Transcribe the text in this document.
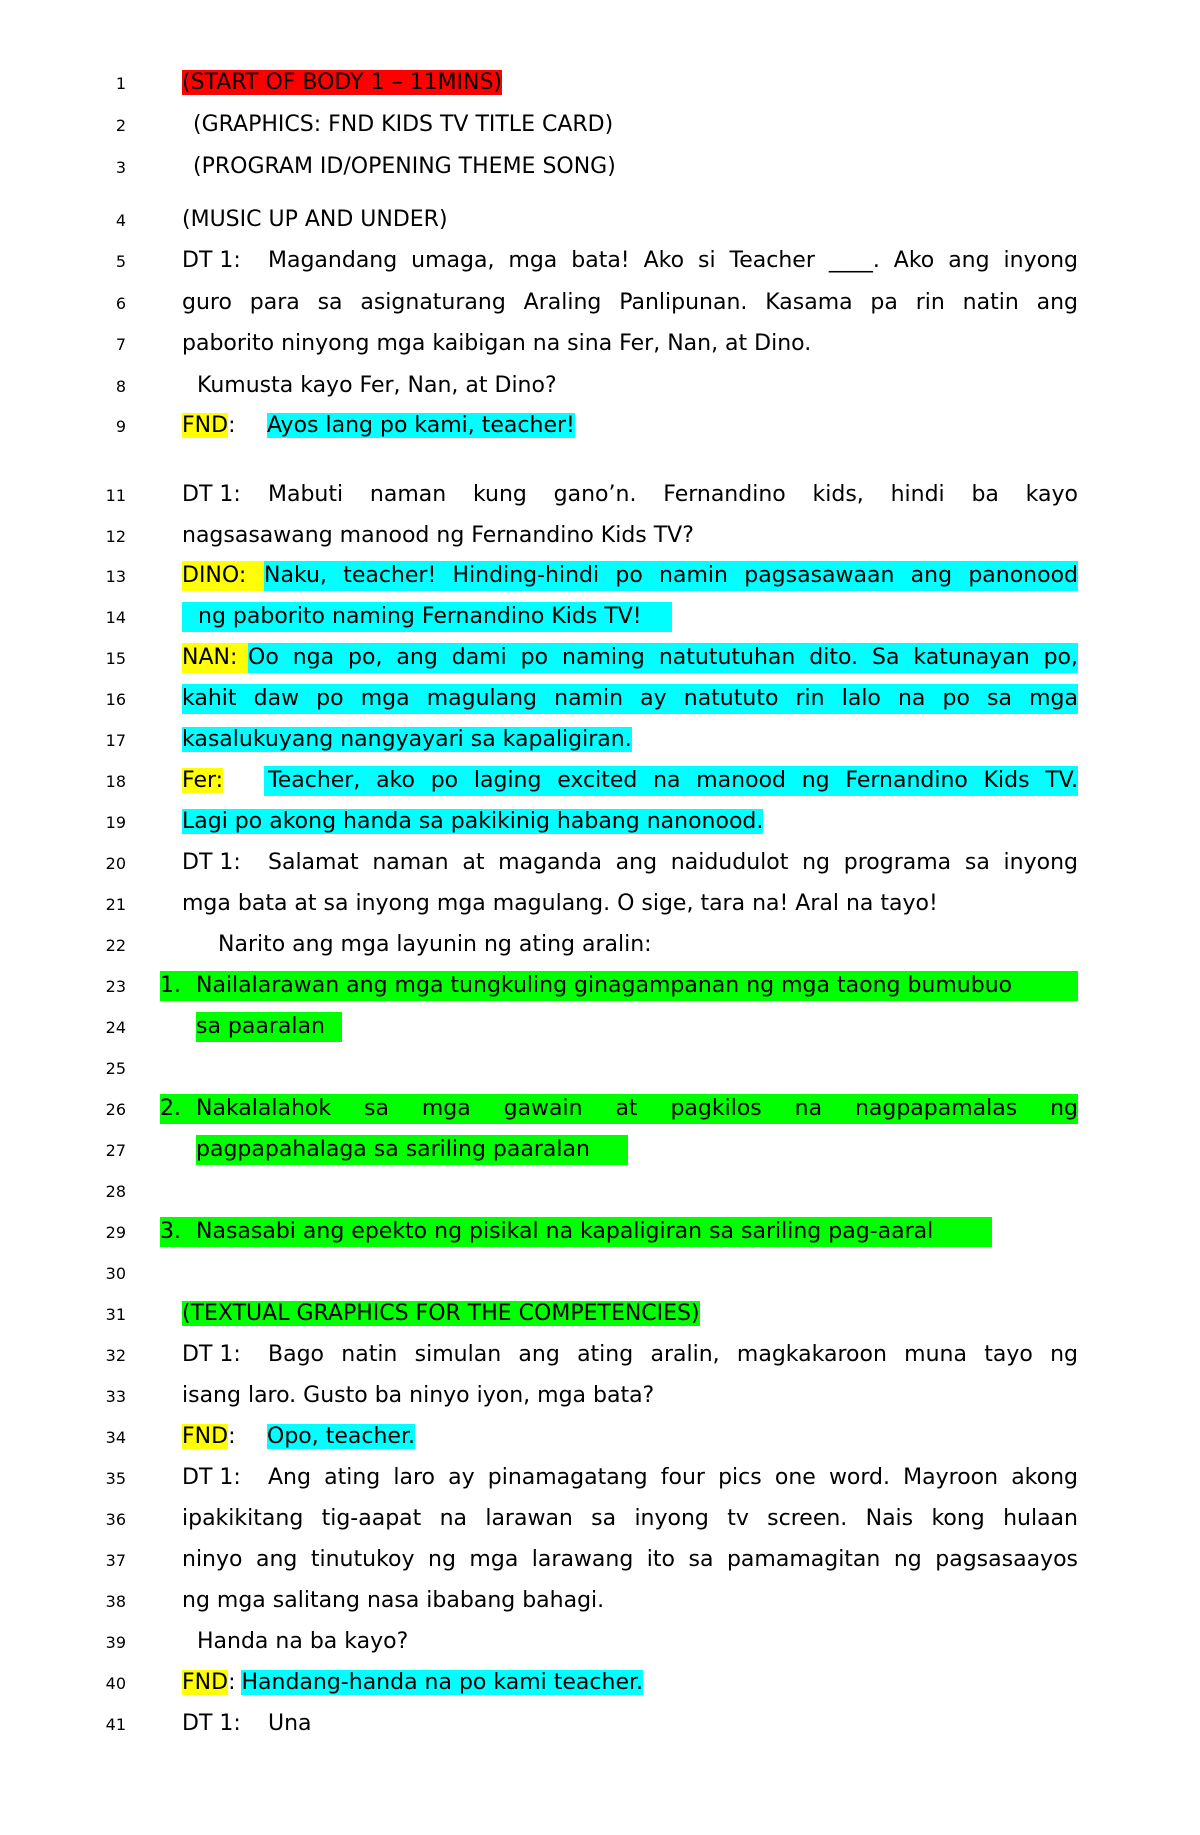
1
2
3
4
5
6
7
8
9
11
12
13
14
15
16
17
18
19
20
21
22
23
24
25
26
27
28
29
30
31
32
33
34
35
36
37
38
39
40
41
(START OF BODY 1 – 11MINS)
(GRAPHICS: FND KIDS TV TITLE CARD)
(PROGRAM ID/OPENING THEME SONG)
(MUSIC UP AND UNDER)
DT 1:	Magandang umaga, mga bata! Ako si Teacher ____. Ako ang inyong
guro para sa asignaturang Araling Panlipunan. Kasama pa rin natin ang
paborito ninyong mga kaibigan na sina Fer, Nan, at Dino.
Kumusta kayo Fer, Nan, at Dino?
FND: Ayos lang po kami, teacher!
DT 1:	Mabuti naman kung gano’n. Fernandino kids, hindi ba kayo
nagsasawang manood ng Fernandino Kids TV?
DINO: Naku, teacher! Hinding-hindi po namin pagsasawaan ang panonood
ng paborito naming Fernandino Kids TV!
NAN: Oo nga po, ang dami po naming natututuhan dito. Sa katunayan po,
kahit daw po mga magulang namin ay natututo rin lalo na po sa mga
kasalukuyang nangyayari sa kapaligiran.
Fer:	Teacher, ako po laging excited na manood ng Fernandino Kids TV.
Lagi po akong handa sa pakikinig habang nanonood.
DT 1:	Salamat naman at maganda ang naidudulot ng programa sa inyong
mga bata at sa inyong mga magulang. O sige, tara na! Aral na tayo!
Narito ang mga layunin ng ating aralin:
1. Nailalarawan ang mga tungkuling ginagampanan ng mga taong bumubuo
sa paaralan
2. Nakalalahok sa mga gawain at pagkilos na nagpapamalas ng
pagpapahalaga sa sariling paaralan
3. Nasasabi ang epekto ng pisikal na kapaligiran sa sariling pag-aaral
(TEXTUAL GRAPHICS FOR THE COMPETENCIES)
DT 1:	Bago natin simulan ang ating aralin, magkakaroon muna tayo ng
isang laro. Gusto ba ninyo iyon, mga bata?
FND: Opo, teacher.
DT 1:	Ang ating laro ay pinamagatang four pics one word. Mayroon akong
ipakikitang tig-aapat na larawan sa inyong tv screen. Nais kong hulaan
ninyo ang tinutukoy ng mga larawang ito sa pamamagitan ng pagsasaayos
ng mga salitang nasa ibabang bahagi.
Handa na ba kayo?
FND: Handang-handa na po kami teacher.
DT 1:	Una
